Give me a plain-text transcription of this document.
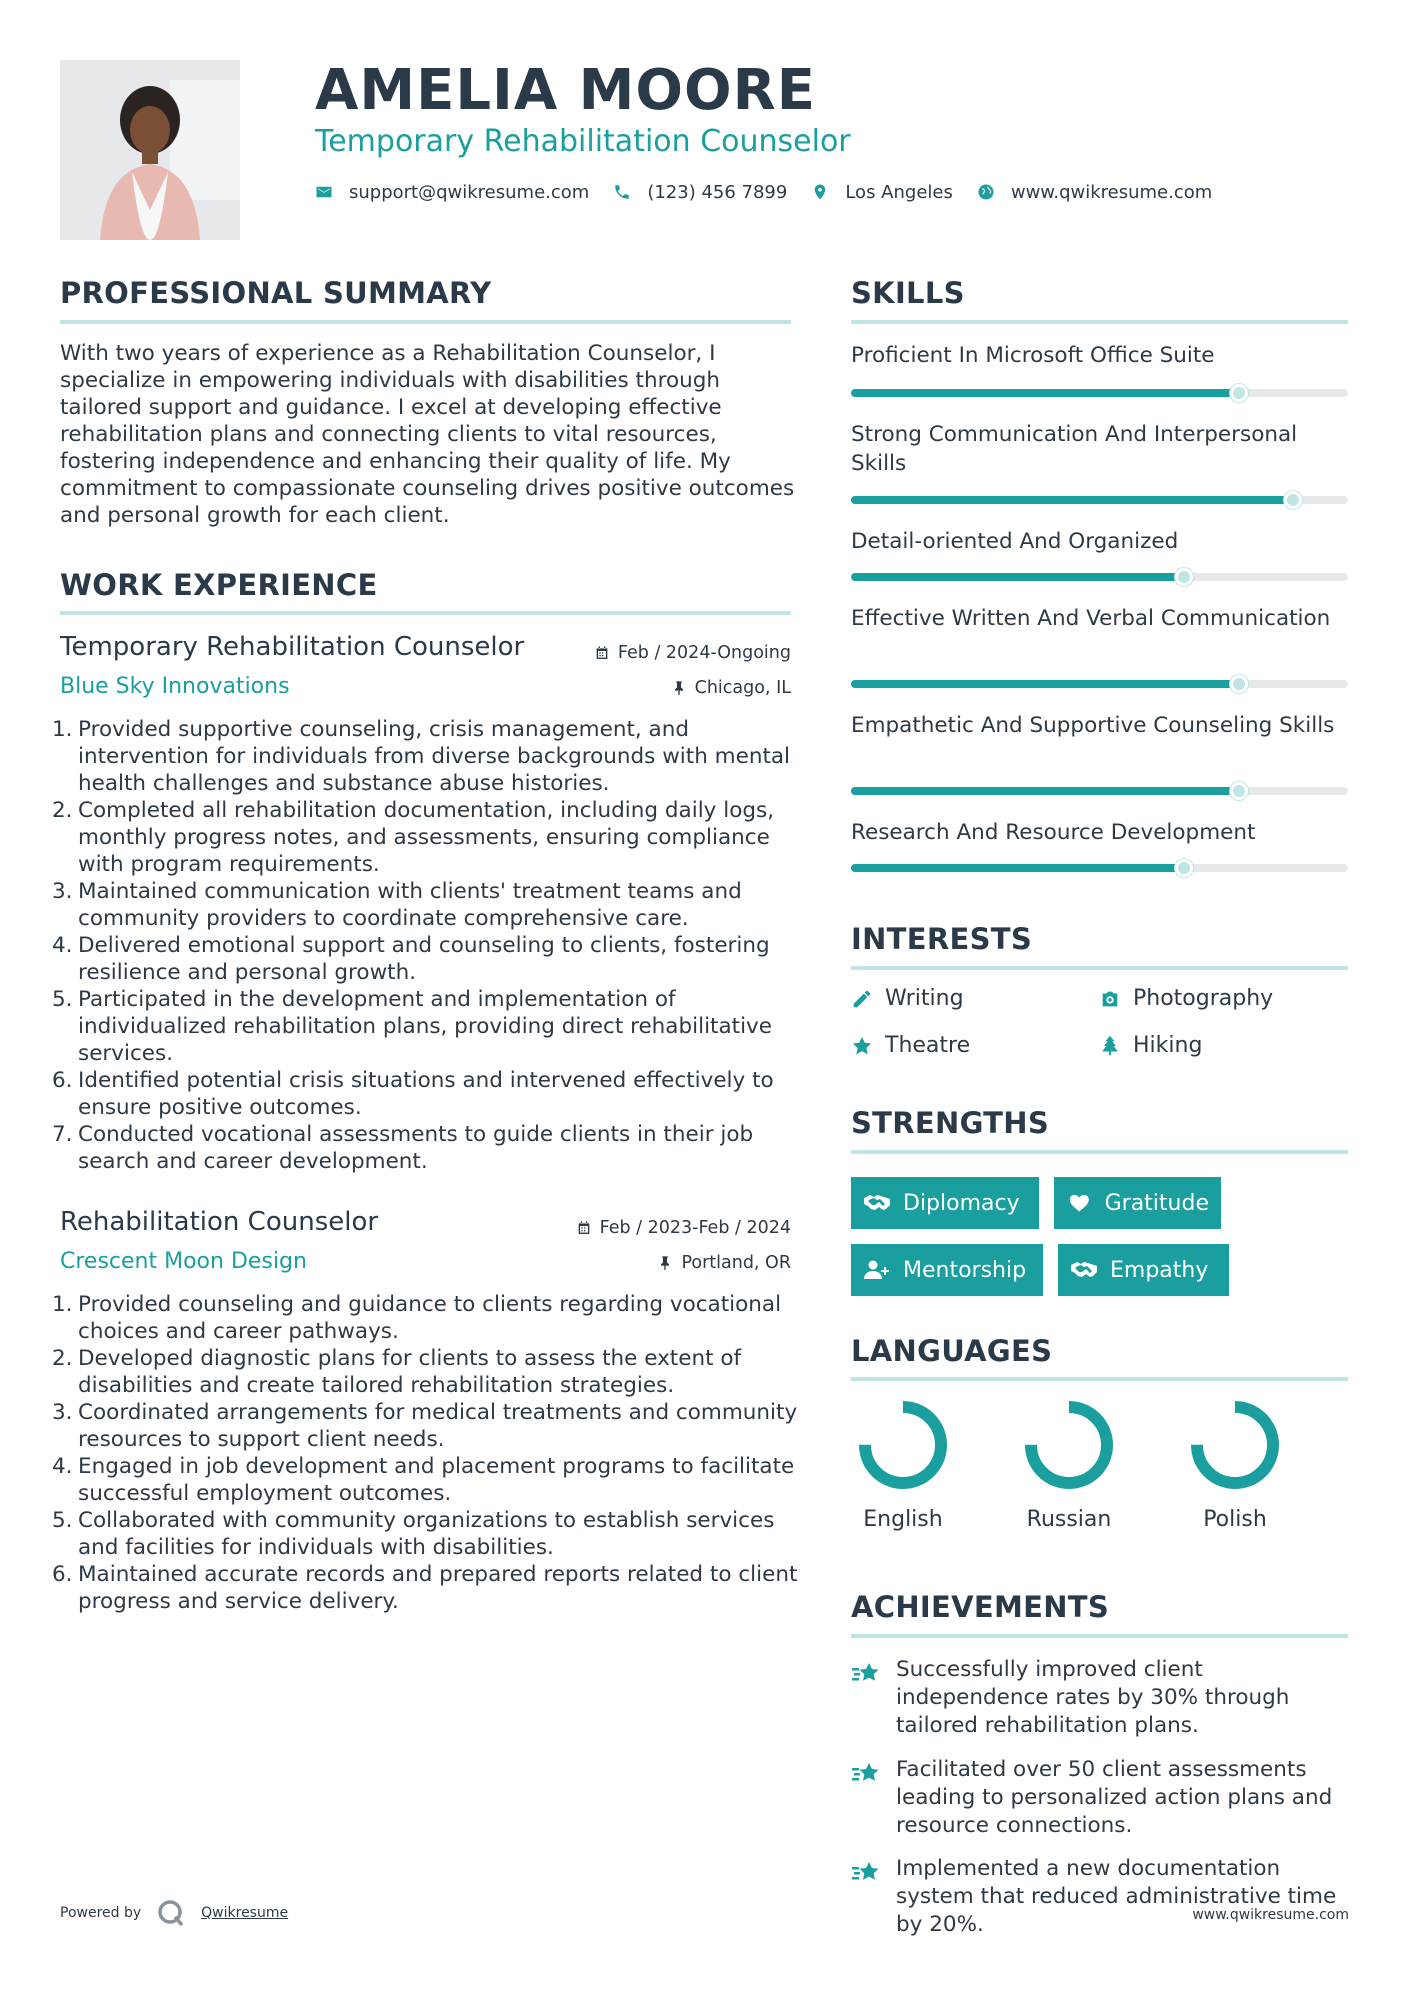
AMELIA MOORE
Temporary Rehabilitation Counselor
support@qwikresume.com	(123) 456 7899	Los Angeles	www.qwikresume.com
PROFESSIONAL SUMMARY
With two years of experience as a Rehabilitation Counselor, I specialize in empowering individuals with disabilities through tailored support and guidance. I excel at developing effective rehabilitation plans and connecting clients to vital resources, fostering independence and enhancing their quality of life. My commitment to compassionate counseling drives positive outcomes and personal growth for each client.
WORK EXPERIENCE
Temporary Rehabilitation Counselor	Feb / 2024-Ongoing
Blue Sky Innovations	Chicago, IL
1. Provided supportive counseling, crisis management, and intervention for individuals from diverse backgrounds with mental health challenges and substance abuse histories.
2. Completed all rehabilitation documentation, including daily logs, monthly progress notes, and assessments, ensuring compliance with program requirements.
3. Maintained communication with clients' treatment teams and community providers to coordinate comprehensive care.
4. Delivered emotional support and counseling to clients, fostering resilience and personal growth.
5. Participated in the development and implementation of individualized rehabilitation plans, providing direct rehabilitative services.
6. Identified potential crisis situations and intervened effectively to ensure positive outcomes.
7. Conducted vocational assessments to guide clients in their job search and career development.
Rehabilitation Counselor	Feb / 2023-Feb / 2024
Crescent Moon Design	Portland, OR
1. Provided counseling and guidance to clients regarding vocational choices and career pathways.
2. Developed diagnostic plans for clients to assess the extent of disabilities and create tailored rehabilitation strategies.
3. Coordinated arrangements for medical treatments and community resources to support client needs.
4. Engaged in job development and placement programs to facilitate successful employment outcomes.
5. Collaborated with community organizations to establish services and facilities for individuals with disabilities.
6. Maintained accurate records and prepared reports related to client progress and service delivery.
SKILLS
Proficient In Microsoft Office Suite
Strong Communication And Interpersonal Skills
Detail-oriented And Organized
Effective Written And Verbal Communication
Empathetic And Supportive Counseling Skills
Research And Resource Development
INTERESTS
Writing	Photography
Theatre	Hiking
STRENGTHS
Diplomacy	Gratitude
Mentorship	Empathy
LANGUAGES
English	Russian	Polish
ACHIEVEMENTS
Successfully improved client independence rates by 30% through tailored rehabilitation plans.
Facilitated over 50 client assessments leading to personalized action plans and resource connections.
Implemented a new documentation system that reduced administrative time by 20%.
Powered by	Qwikresume	www.qwikresume.com
